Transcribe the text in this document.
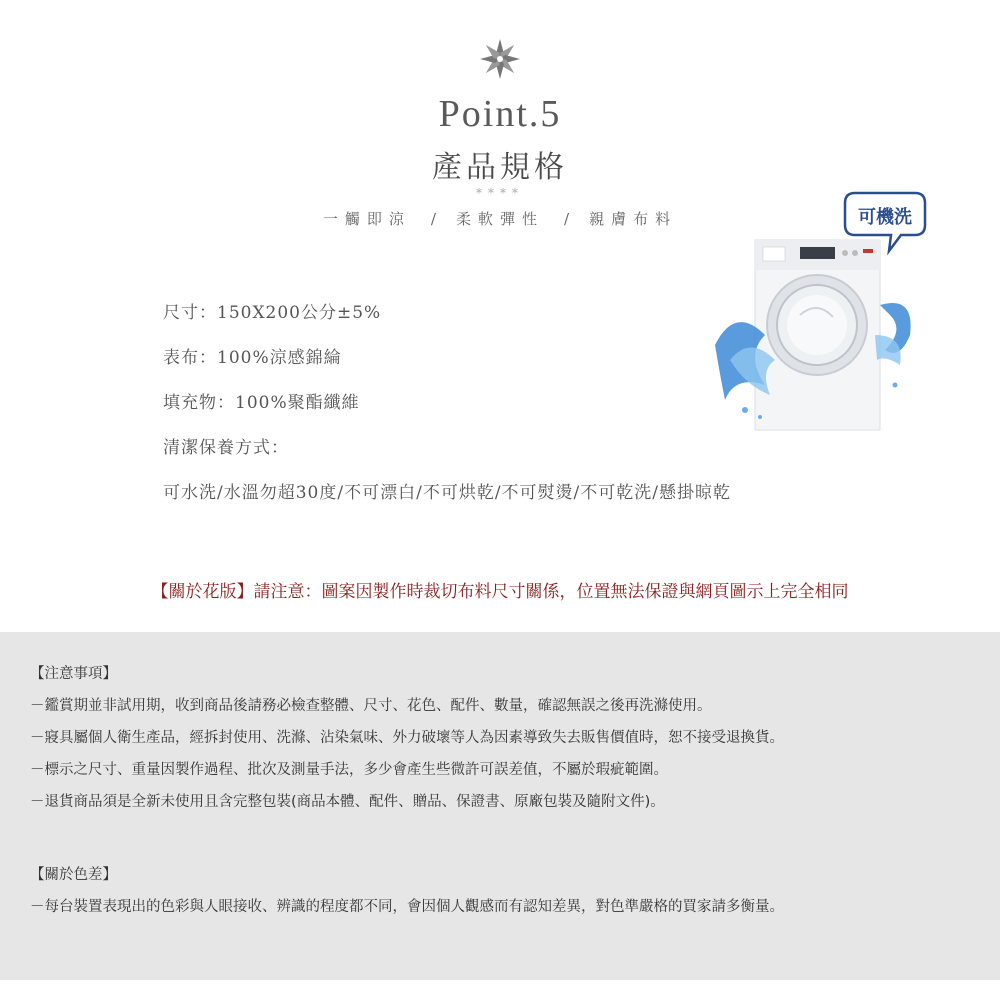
Point.5
產品規格
****
一觸即涼 / 柔軟彈性 / 親膚布料	可機洗
尺寸：150X200公分±5%
表布：100%涼感錦綸
填充物：100%聚酯纖維
清潔保養方式：
可水洗/水溫勿超30度/不可漂白/不可烘乾/不可熨燙/不可乾洗/懸掛晾乾
【關於花版】請注意：圖案因製作時裁切布料尺寸關係，位置無法保證與網頁圖示上完全相同
【注意事項】
－鑑賞期並非試用期，收到商品後請務必檢查整體、尺寸、花色、配件、數量，確認無誤之後再洗滌使用。
－寢具屬個人衛生產品，經拆封使用、洗滌、沾染氣味、外力破壞等人為因素導致失去販售價值時，恕不接受退換貨。
－標示之尺寸、重量因製作過程、批次及測量手法，多少會產生些微許可誤差值，不屬於瑕疵範圍。
－退貨商品須是全新未使用且含完整包裝(商品本體、配件、贈品、保證書、原廠包裝及隨附文件)。
【關於色差】
－每台裝置表現出的色彩與人眼接收、辨識的程度都不同，會因個人觀感而有認知差異，對色準嚴格的買家請多衡量。
